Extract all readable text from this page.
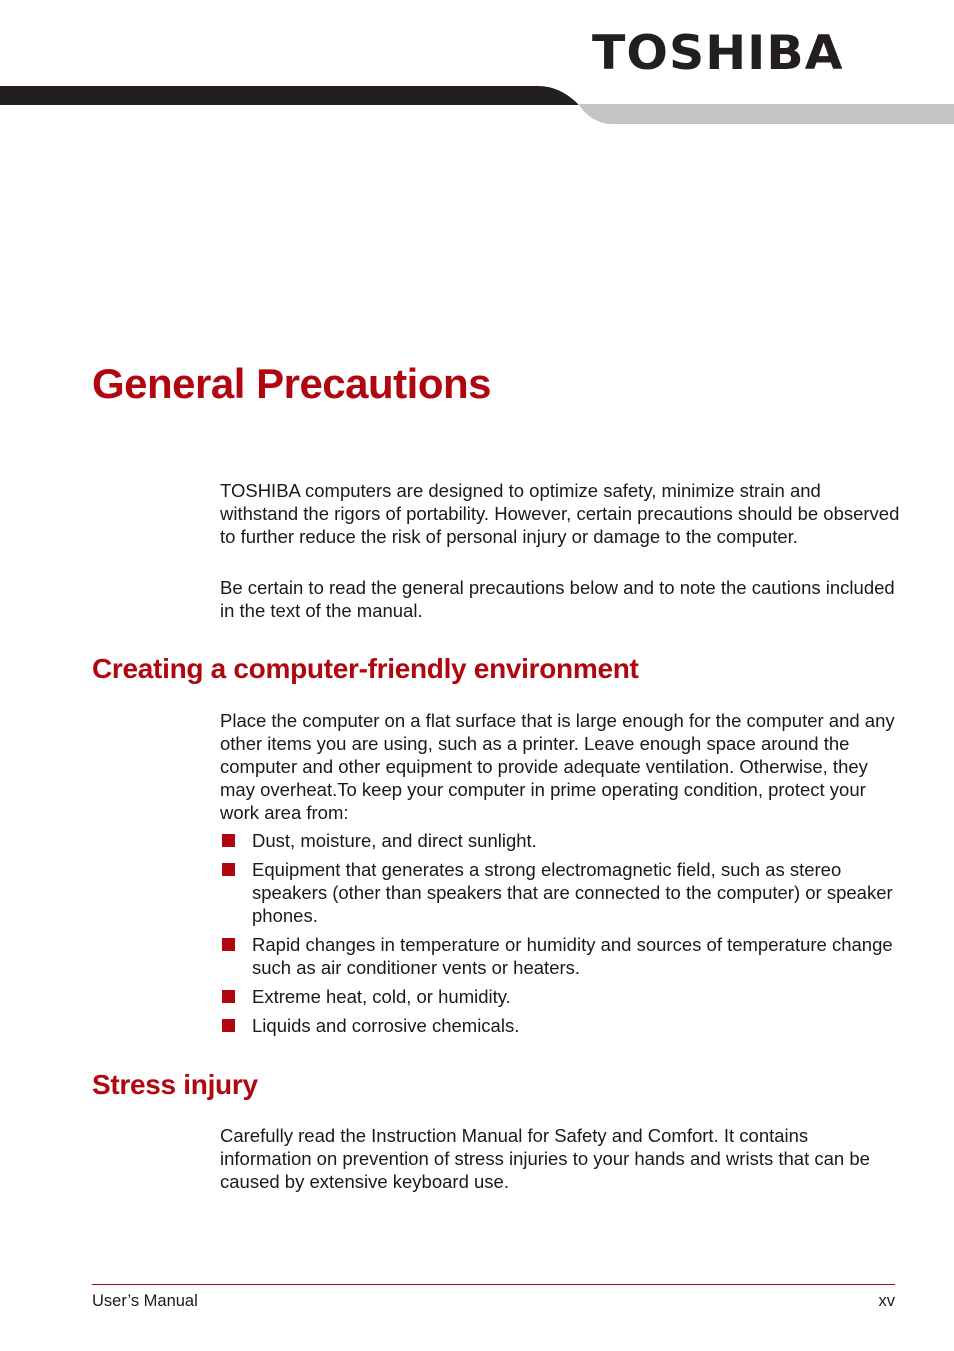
TOSHIBA
General Precautions

TOSHIBA computers are designed to optimize safety, minimize strain and withstand the rigors of portability. However, certain precautions should be observed to further reduce the risk of personal injury or damage to the computer.

Be certain to read the general precautions below and to note the cautions included in the text of the manual.

Creating a computer-friendly environment

Place the computer on a flat surface that is large enough for the computer and any other items you are using, such as a printer. Leave enough space around the computer and other equipment to provide adequate ventilation. Otherwise, they may overheat.To keep your computer in prime operating condition, protect your work area from:

Dust, moisture, and direct sunlight.
Equipment that generates a strong electromagnetic field, such as stereo speakers (other than speakers that are connected to the computer) or speaker phones.
Rapid changes in temperature or humidity and sources of temperature change such as air conditioner vents or heaters.
Extreme heat, cold, or humidity.
Liquids and corrosive chemicals.
Stress injury

Carefully read the Instruction Manual for Safety and Comfort. It contains information on prevention of stress injuries to your hands and wrists that can be caused by extensive keyboard use.

User’s Manual	xv
